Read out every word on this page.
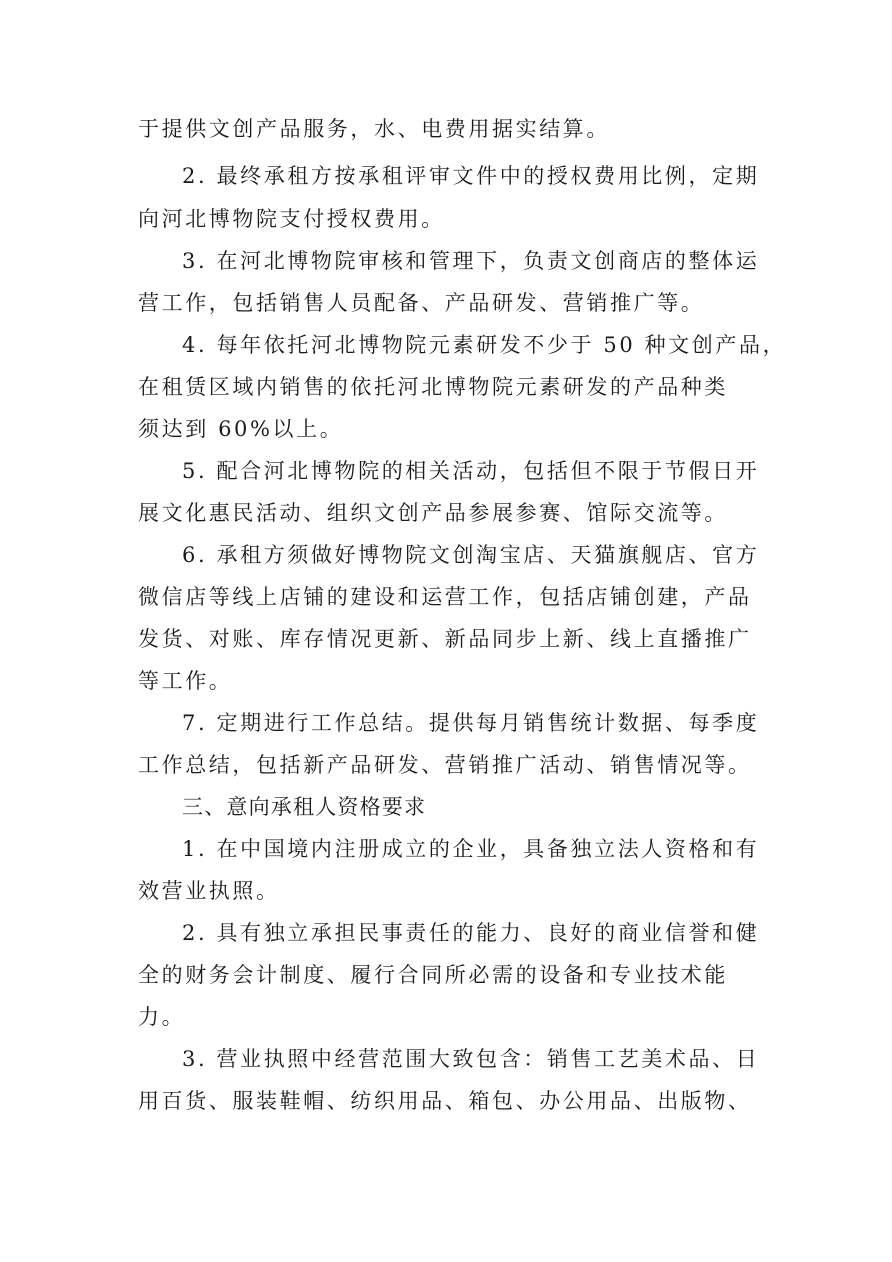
于提供文创产品服务，水、电费用据实结算。
2. 最终承租方按承租评审文件中的授权费用比例，定期
向河北博物院支付授权费用。
3. 在河北博物院审核和管理下，负责文创商店的整体运
营工作，包括销售人员配备、产品研发、营销推广等。
4. 每年依托河北博物院元素研发不少于 50 种文创产品，
在租赁区域内销售的依托河北博物院元素研发的产品种类
须达到 60%以上。
5. 配合河北博物院的相关活动，包括但不限于节假日开
展文化惠民活动、组织文创产品参展参赛、馆际交流等。
6. 承租方须做好博物院文创淘宝店、天猫旗舰店、官方
微信店等线上店铺的建设和运营工作，包括店铺创建，产品
发货、对账、库存情况更新、新品同步上新、线上直播推广
等工作。
7. 定期进行工作总结。提供每月销售统计数据、每季度
工作总结，包括新产品研发、营销推广活动、销售情况等。
三、意向承租人资格要求
1. 在中国境内注册成立的企业，具备独立法人资格和有
效营业执照。
2. 具有独立承担民事责任的能力、良好的商业信誉和健
全的财务会计制度、履行合同所必需的设备和专业技术能
力。
3. 营业执照中经营范围大致包含：销售工艺美术品、日
用百货、服装鞋帽、纺织用品、箱包、办公用品、出版物、
